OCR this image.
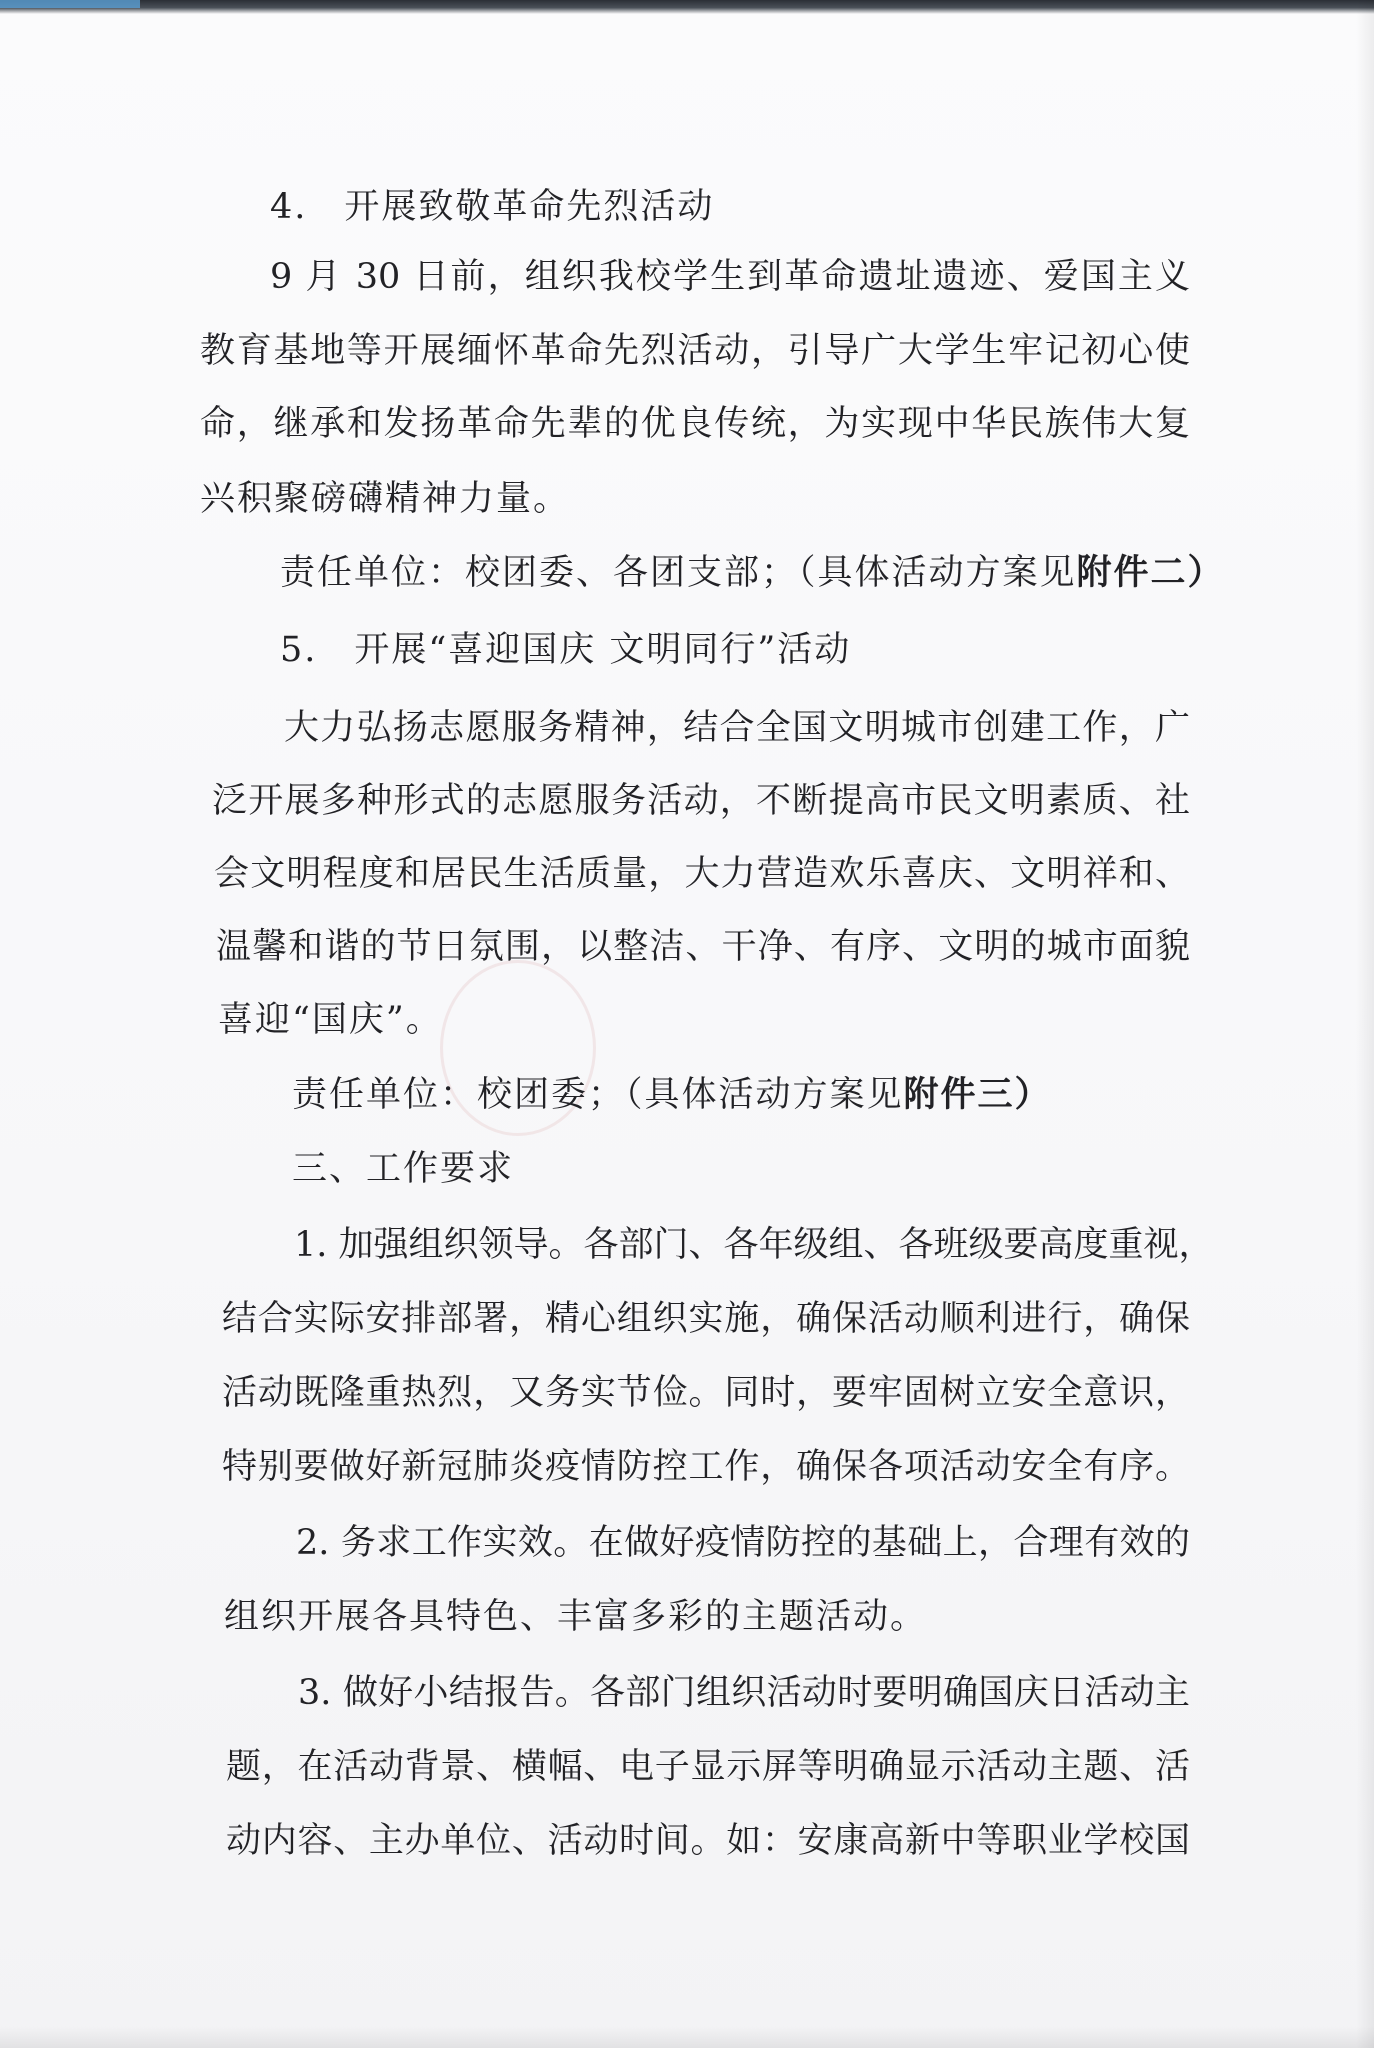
4.　开展致敬革命先烈活动
9 月 30 日前，组织我校学生到革命遗址遗迹、爱国主义
教育基地等开展缅怀革命先烈活动，引导广大学生牢记初心使
命，继承和发扬革命先辈的优良传统，为实现中华民族伟大复
兴积聚磅礴精神力量。
责任单位：校团委、各团支部；（具体活动方案见附件二）
5.　开展“喜迎国庆 文明同行”活动
大力弘扬志愿服务精神，结合全国文明城市创建工作，广
泛开展多种形式的志愿服务活动，不断提高市民文明素质、社
会文明程度和居民生活质量，大力营造欢乐喜庆、文明祥和、
温馨和谐的节日氛围，以整洁、干净、有序、文明的城市面貌
喜迎“国庆”。
责任单位：校团委；（具体活动方案见附件三）
三、工作要求
1. 加强组织领导。各部门、各年级组、各班级要高度重视，
结合实际安排部署，精心组织实施，确保活动顺利进行，确保
活动既隆重热烈，又务实节俭。同时，要牢固树立安全意识，
特别要做好新冠肺炎疫情防控工作，确保各项活动安全有序。
2. 务求工作实效。在做好疫情防控的基础上，合理有效的
组织开展各具特色、丰富多彩的主题活动。
3. 做好小结报告。各部门组织活动时要明确国庆日活动主
题，在活动背景、横幅、电子显示屏等明确显示活动主题、活
动内容、主办单位、活动时间。如：安康高新中等职业学校国
